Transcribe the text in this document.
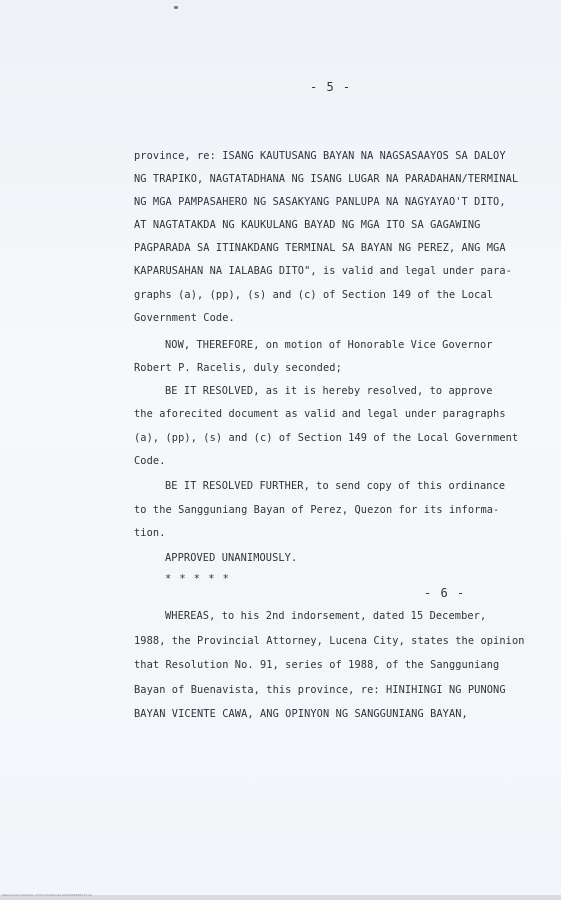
- 5 -
province, re: ISANG KAUTUSANG BAYAN NA NAGSASAAYOS SA DALOY
NG TRAPIKO, NAGTATADHANA NG ISANG LUGAR NA PARADAHAN/TERMINAL
NG MGA PAMPASAHERO NG SASAKYANG PANLUPA NA NAGYAYAO'T DITO,
AT NAGTATAKDA NG KAUKULANG BAYAD NG MGA ITO SA GAGAWING
PAGPARADA SA ITINAKDANG TERMINAL SA BAYAN NG PEREZ, ANG MGA
KAPARUSAHAN NA IALABAG DITO", is valid and legal under para-
graphs (a), (pp), (s) and (c) of Section 149 of the Local
Government Code.
NOW, THEREFORE, on motion of Honorable Vice Governor
Robert P. Racelis, duly seconded;
BE IT RESOLVED, as it is hereby resolved, to approve
the aforecited document as valid and legal under paragraphs
(a), (pp), (s) and (c) of Section 149 of the Local Government
Code.
BE IT RESOLVED FURTHER, to send copy of this ordinance
to the Sangguniang Bayan of Perez, Quezon for its informa-
tion.
APPROVED UNANIMOUSLY.
* * * * *
- 6 -
WHEREAS, to his 2nd indorsement, dated 15 December,
1988, the Provincial Attorney, Lucena City, states the opinion
that Resolution No. 91, series of 1988, of the Sangguniang
Bayan of Buenavista, this province, re: HINIHINGI NG PUNONG
BAYAN VICENTE CAWA, ANG OPINYON NG SANGGUNIANG BAYAN,
Manuscript Collection of the Philippines 0234048469777.12
